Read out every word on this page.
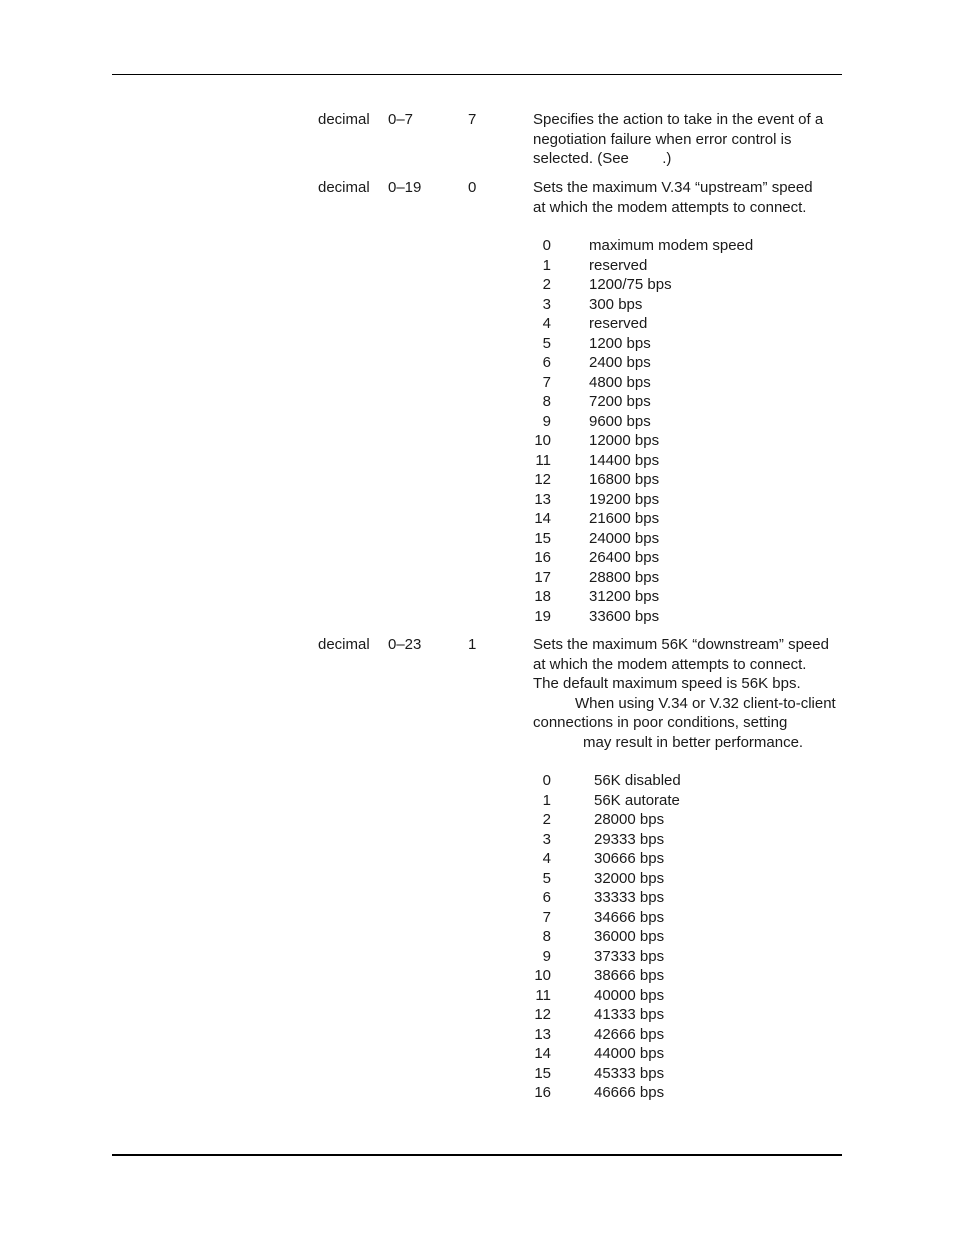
decimal 0–7	7	Specifies the action to take in the event of a
negotiation failure when error control is
selected. (See        .)
decimal 0–19	0	Sets the maximum V.34 “upstream” speed
at which the modem attempts to connect.
0	maximum modem speed
1	reserved
2	1200/75 bps
3	300 bps
4	reserved
5	1200 bps
6	2400 bps
7	4800 bps
8	7200 bps
9	9600 bps
10	12000 bps
11	14400 bps
12	16800 bps
13	19200 bps
14	21600 bps
15	24000 bps
16	26400 bps
17	28800 bps
18	31200 bps
19	33600 bps
decimal 0–23	1	Sets the maximum 56K “downstream” speed
at which the modem attempts to connect.
The default maximum speed is 56K bps.
When using V.34 or V.32 client-to-client
connections in poor conditions, setting
may result in better performance.
0	56K disabled
1	56K autorate
2	28000 bps
3	29333 bps
4	30666 bps
5	32000 bps
6	33333 bps
7	34666 bps
8	36000 bps
9	37333 bps
10	38666 bps
11	40000 bps
12	41333 bps
13	42666 bps
14	44000 bps
15	45333 bps
16	46666 bps
